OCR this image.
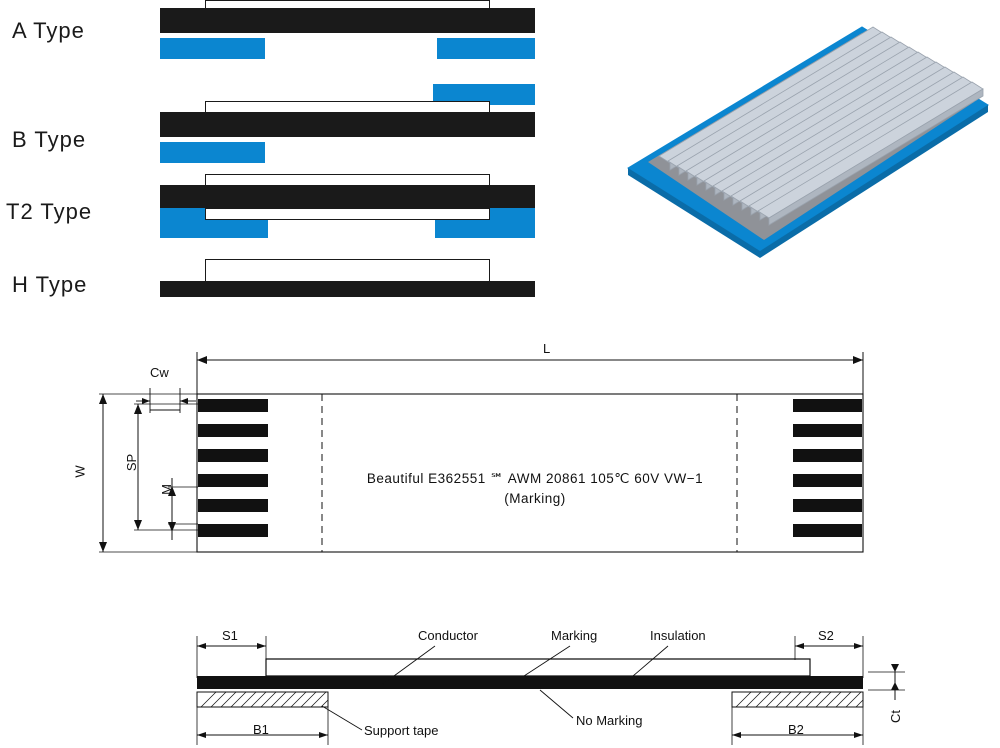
A Type
B Type
T2 Type
H Type
L
W
Cw
SP
M
Beautiful E362551 ℠ AWM 20861 105℃ 60V VW−1
(Marking)
Conductor	Marking	Insulation
No Marking
Support tape
S1	S2
B1	B2
Ct
